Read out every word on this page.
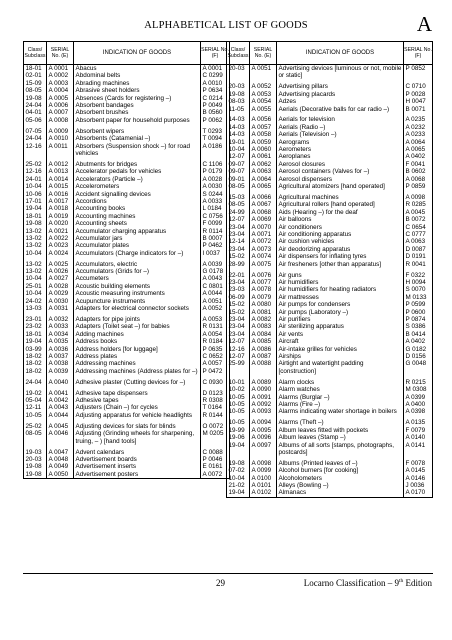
ALPHABETICAL LIST OF GOODS	A
Class/ Subclass	SERIAL No. (E)	INDICATION OF GOODS	SERIAL No. (F)
18-01	A 0001	Abacus	A 0001
02-01	A 0002	Abdominal belts	C 0299
15-09	A 0003	Abrading machines	A 0010
08-05	A 0004	Abrasive sheet holders	P 0634
19-08	A 0005	Absences (Cards for registering –)	C 0214
24-04	A 0006	Absorbent bandages	P 0049
04-01	A 0007	Absorbent brushes	B 0560
05-06	A 0008	Absorbent paper for household purposes	P 0062
07-05	A 0009	Absorbent wipers	T 0293
24-04	A 0010	Absorbents (Catamenial –)	T 0094
12-16	A 0011	Absorbers (Suspension shock –) for road vehicles	A 0186
25-02	A 0012	Abutments for bridges	C 1106
12-16	A 0013	Accelerator pedals for vehicles	P 0179
24-01	A 0014	Accelerators (Particle –)	A 0028
10-04	A 0015	Accelerometers	A 0030
10-06	A 0016	Accident signalling devices	S 0244
17-01	A 0017	Accordions	A 0033
19-04	A 0018	Accounting books	L 0184
18-01	A 0019	Accounting machines	C 0756
19-08	A 0020	Accounting sheets	F 0099
13-02	A 0021	Accumulator charging apparatus	R 0114
13-02	A 0022	Accumulator jars	B 0007
13-02	A 0023	Accumulator plates	P 0462
10-04	A 0024	Accumulators (Charge indicators for –)	I 0037
13-02	A 0025	Accumulators, electric	A 0039
13-02	A 0026	Accumulators (Grids for –)	G 0178
10-04	A 0027	Accumeters	A 0043
25-01	A 0028	Acoustic building elements	C 0801
10-04	A 0029	Acoustic measuring instruments	A 0044
24-02	A 0030	Acupuncture instruments	A 0051
13-03	A 0031	Adapters for electrical connector sockets	A 0052
23-01	A 0032	Adapters for pipe joints	A 0053
23-02	A 0033	Adapters (Toilet seat –) for babies	R 0131
18-01	A 0034	Adding machines	A 0054
19-04	A 0035	Address books	R 0184
03-99	A 0036	Address holders [for luggage]	P 0635
18-02	A 0037	Address plates	C 0652
18-02	A 0038	Addressing machines	A 0057
18-02	A 0039	Addressing machines (Address plates for –)	P 0472
24-04	A 0040	Adhesive plaster (Cutting devices for –)	C 0930
19-02	A 0041	Adhesive tape dispensers	D 0123
05-04	A 0042	Adhesive tapes	R 0308
12-11	A 0043	Adjusters (Chain –) for cycles	T 0164
10-05	A 0044	Adjusting apparatus for vehicle headlights	R 0144
25-02	A 0045	Adjusting devices for slats for blinds	O 0072
08-05	A 0046	Adjusting (Grinding wheels for sharpening, truing, – ) [hand tools]	M 0205
19-03	A 0047	Advent calendars	C 0088
20-03	A 0048	Advertisement boards	P 0046
19-08	A 0049	Advertisement inserts	E 0161
19-08	A 0050	Advertisement posters	A 0072
Class/ Subclass	SERIAL No. (E)	INDICATION OF GOODS	SERIAL No. (F)
20-03	A 0051	Advertising devices [luminous or not, mobile or static]	P 0852
20-03	A 0052	Advertising pillars	C 0710
19-08	A 0053	Advertising placards	P 0028
08-03	A 0054	Adzes	H 0047
11-05	A 0055	Aerials (Decorative balls for car radio –)	B 0071
14-03	A 0056	Aerials for television	A 0235
14-03	A 0057	Aerials (Radio –)	A 0232
14-03	A 0058	Aerials (Television –)	A 0233
19-01	A 0059	Aerograms	A 0064
10-04	A 0060	Aerometers	A 0065
12-07	A 0061	Aeroplanes	A 0402
09-07	A 0062	Aerosol closures	F 0041
09-07	A 0063	Aerosol containers (Valves for –)	B 0602
09-01	A 0064	Aerosol dispensers	A 0068
08-05	A 0065	Agricultural atomizers [hand operated]	P 0859
15-03	A 0066	Agricultural machines	A 0098
08-05	A 0067	Agricultural rollers [hand operated]	R 0285
24-99	A 0068	Aids (Hearing –) for the deaf	A 0045
12-07	A 0069	Air balloons	B 0072
23-04	A 0070	Air conditioners	C 0654
23-04	A 0071	Air conditioning apparatus	C 0777
12-14	A 0072	Air cushion vehicles	A 0063
23-04	A 0073	Air deodorizing apparatus	D 0087
15-02	A 0074	Air dispensers for inflating tyres	D 0191
28-99	A 0075	Air fresheners [other than apparatus]	R 0041
22-01	A 0076	Air guns	F 0322
23-04	A 0077	Air humidifiers	H 0094
23-03	A 0078	Air humidifiers for heating radiators	S 0070
06-09	A 0079	Air mattresses	M 0133
15-02	A 0080	Air pumps for condensers	P 0599
15-02	A 0081	Air pumps (Laboratory –)	P 0600
23-04	A 0082	Air purifiers	P 0874
23-04	A 0083	Air sterilizing apparatus	S 0386
23-04	A 0084	Air vents	B 0414
12-07	A 0085	Aircraft	A 0402
12-16	A 0086	Air-intake grilles for vehicles	G 0182
12-07	A 0087	Airships	D 0156
25-99	A 0088	Airtight and watertight padding [construction]	G 0048
10-01	A 0089	Alarm clocks	R 0215
10-02	A 0090	Alarm watches	M 0308
10-05	A 0091	Alarms (Burglar –)	A 0399
10-05	A 0092	Alarms (Fire –)	A 0400
10-05	A 0093	Alarms indicating water shortage in boilers	A 0398
10-05	A 0094	Alarms (Theft –)	A 0135
19-99	A 0095	Album leaves fitted with pockets	F 0079
19-06	A 0096	Album leaves (Stamp –)	A 0140
19-04	A 0097	Albums of all sorts [stamps, photographs, postcards]	A 0141
19-08	A 0098	Albums (Printed leaves of –)	F 0078
07-02	A 0099	Alcohol burners [for cooking]	A 0145
10-04	A 0100	Alcoholometers	A 0146
21-02	A 0101	Alleys (Bowling –)	J 0036
19-04	A 0102	Almanacs	A 0170
29	Locarno Classification – 9th Edition
